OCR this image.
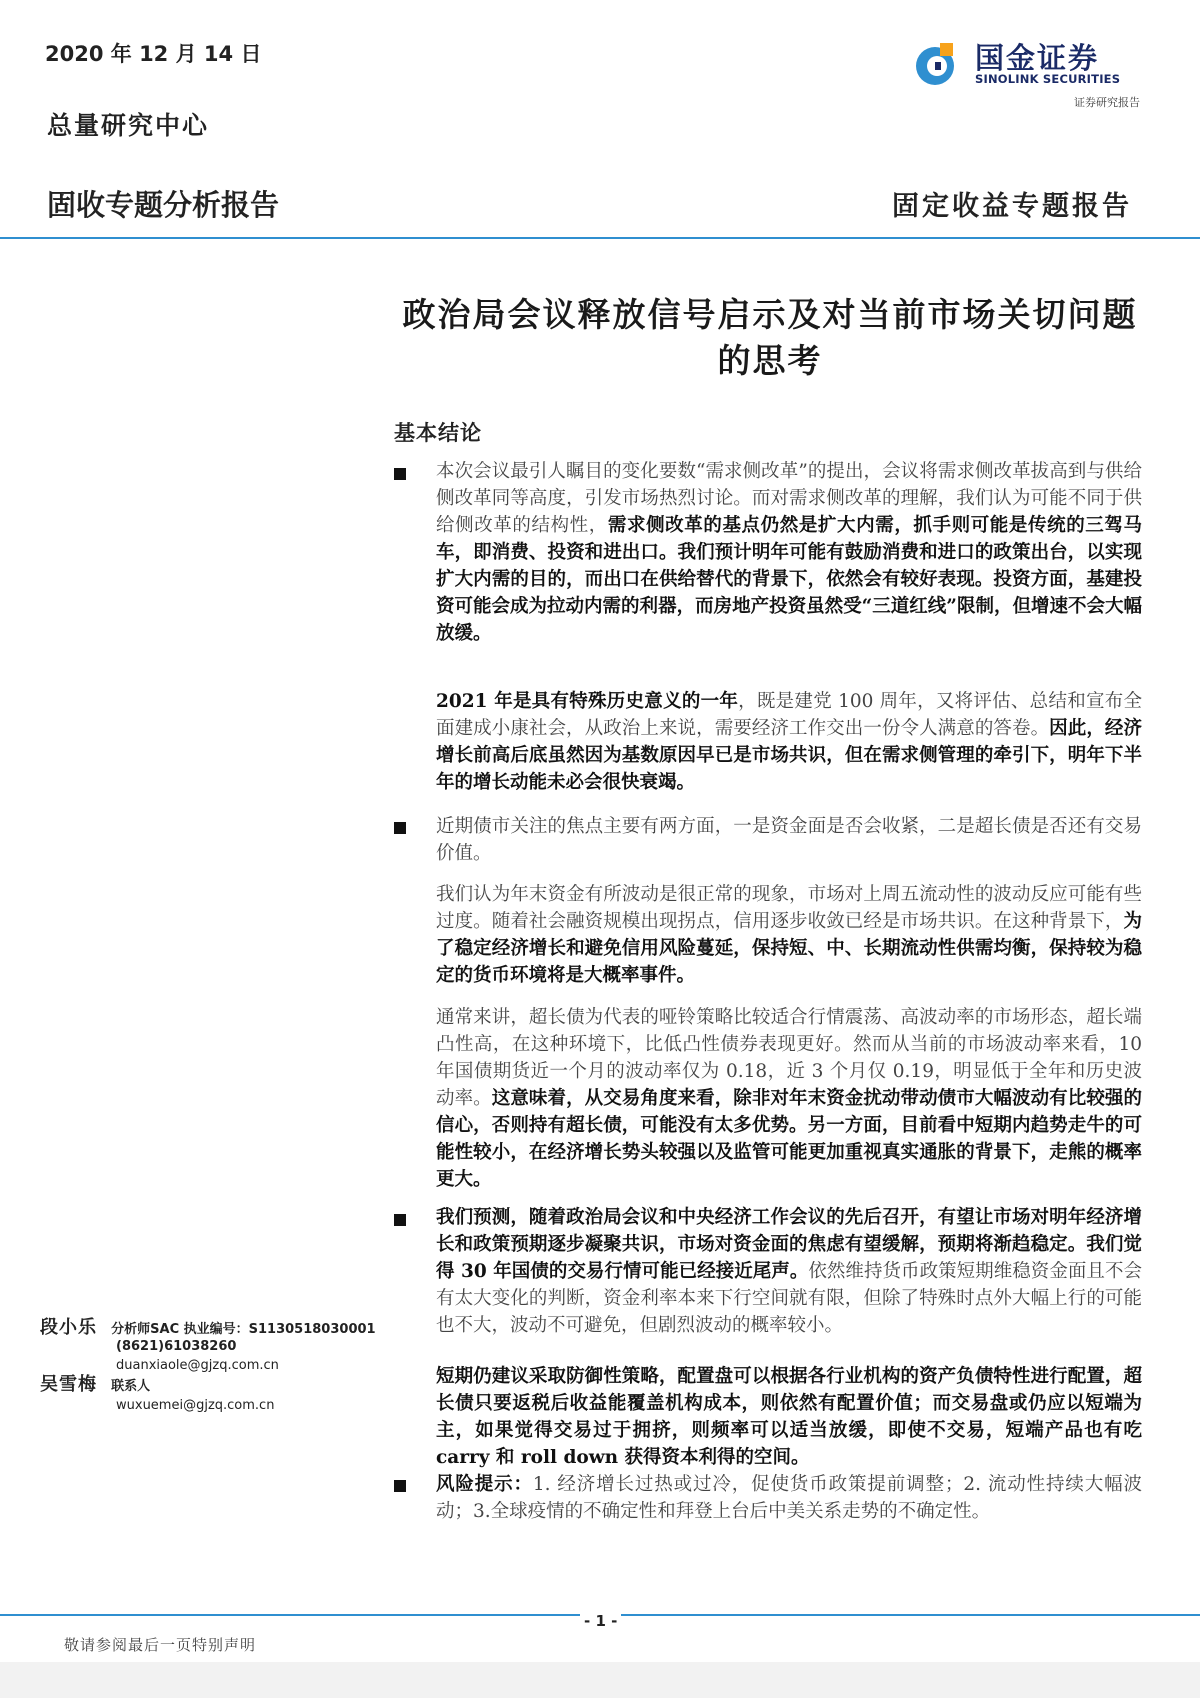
2020 年 12 月 14 日
总量研究中心
固收专题分析报告	固定收益专题报告
国金证券
SINOLINK SECURITIES
证券研究报告
政治局会议释放信号启示及对当前市场关切问题的思考
基本结论
本次会议最引人瞩目的变化要数“需求侧改革”的提出，会议将需求侧改革拔高到与供给侧改革同等高度，引发市场热烈讨论。而对需求侧改革的理解，我们认为可能不同于供给侧改革的结构性，需求侧改革的基点仍然是扩大内需，抓手则可能是传统的三驾马车，即消费、投资和进出口。我们预计明年可能有鼓励消费和进口的政策出台，以实现扩大内需的目的，而出口在供给替代的背景下，依然会有较好表现。投资方面，基建投资可能会成为拉动内需的利器，而房地产投资虽然受“三道红线”限制，但增速不会大幅放缓。
2021 年是具有特殊历史意义的一年，既是建党 100 周年，又将评估、总结和宣布全面建成小康社会，从政治上来说，需要经济工作交出一份令人满意的答卷。因此，经济增长前高后底虽然因为基数原因早已是市场共识，但在需求侧管理的牵引下，明年下半年的增长动能未必会很快衰竭。
近期债市关注的焦点主要有两方面，一是资金面是否会收紧，二是超长债是否还有交易价值。
我们认为年末资金有所波动是很正常的现象，市场对上周五流动性的波动反应可能有些过度。随着社会融资规模出现拐点，信用逐步收敛已经是市场共识。在这种背景下，为了稳定经济增长和避免信用风险蔓延，保持短、中、长期流动性供需均衡，保持较为稳定的货币环境将是大概率事件。
通常来讲，超长债为代表的哑铃策略比较适合行情震荡、高波动率的市场形态，超长端凸性高，在这种环境下，比低凸性债券表现更好。然而从当前的市场波动率来看，10 年国债期货近一个月的波动率仅为 0.18，近 3 个月仅 0.19，明显低于全年和历史波动率。这意味着，从交易角度来看，除非对年末资金扰动带动债市大幅波动有比较强的信心，否则持有超长债，可能没有太多优势。另一方面，目前看中短期内趋势走牛的可能性较小，在经济增长势头较强以及监管可能更加重视真实通胀的背景下，走熊的概率更大。
我们预测，随着政治局会议和中央经济工作会议的先后召开，有望让市场对明年经济增长和政策预期逐步凝聚共识，市场对资金面的焦虑有望缓解，预期将渐趋稳定。我们觉得 30 年国债的交易行情可能已经接近尾声。依然维持货币政策短期维稳资金面且不会有太大变化的判断，资金利率本来下行空间就有限，但除了特殊时点外大幅上行的可能也不大，波动不可避免，但剧烈波动的概率较小。
短期仍建议采取防御性策略，配置盘可以根据各行业机构的资产负债特性进行配置，超长债只要返税后收益能覆盖机构成本，则依然有配置价值；而交易盘或仍应以短端为主，如果觉得交易过于拥挤，则频率可以适当放缓，即使不交易，短端产品也有吃 carry 和 roll down 获得资本利得的空间。
风险提示：1. 经济增长过热或过冷，促使货币政策提前调整；2. 流动性持续大幅波动；3.全球疫情的不确定性和拜登上台后中美关系走势的不确定性。
段小乐 分析师SAC 执业编号：S1130518030001
(8621)61038260
duanxiaole@gjzq.com.cn
吴雪梅 联系人
wuxuemei@gjzq.com.cn
- 1 -
敬请参阅最后一页特别声明
